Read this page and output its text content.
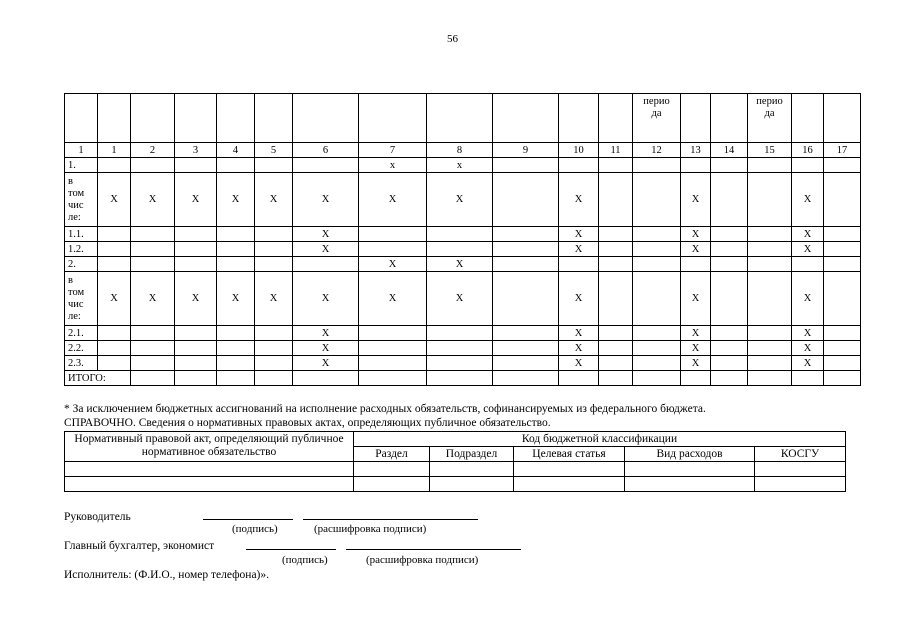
56
												перио
да			перио
да		
1	1	2	3	4	5	6	7	8	9	10	11	12	13	14	15	16	17
1.							x	x									
в
том
чис
ле:	Х	Х	Х	Х	Х	Х	Х	Х		Х			Х			Х	
1.1.						Х				Х			Х			Х	
1.2.						Х				Х			Х			Х	
2.							Х	Х									
в
том
чис
ле:	Х	Х	Х	Х	Х	Х	Х	Х		Х			Х			Х	
2.1.						Х				Х			Х			Х	
2.2.						Х				Х			Х			Х	
2.3.						Х				Х			Х			Х	
ИТОГО:																	
* За исключением бюджетных ассигнований на исполнение расходных обязательств, софинансируемых из федерального бюджета.
СПРАВОЧНО. Сведения о нормативных правовых актах, определяющих публичное обязательство.
Нормативный правовой акт, определяющий публичное нормативное обязательство	Код бюджетной классификации				
	Раздел	Подраздел	Целевая статья	Вид расходов	КОСГУ

Руководитель
(подпись)	(расшифровка подписи)
Главный бухгалтер, экономист
(подпись)	(расшифровка подписи)
Исполнитель: (Ф.И.О., номер телефона)».
